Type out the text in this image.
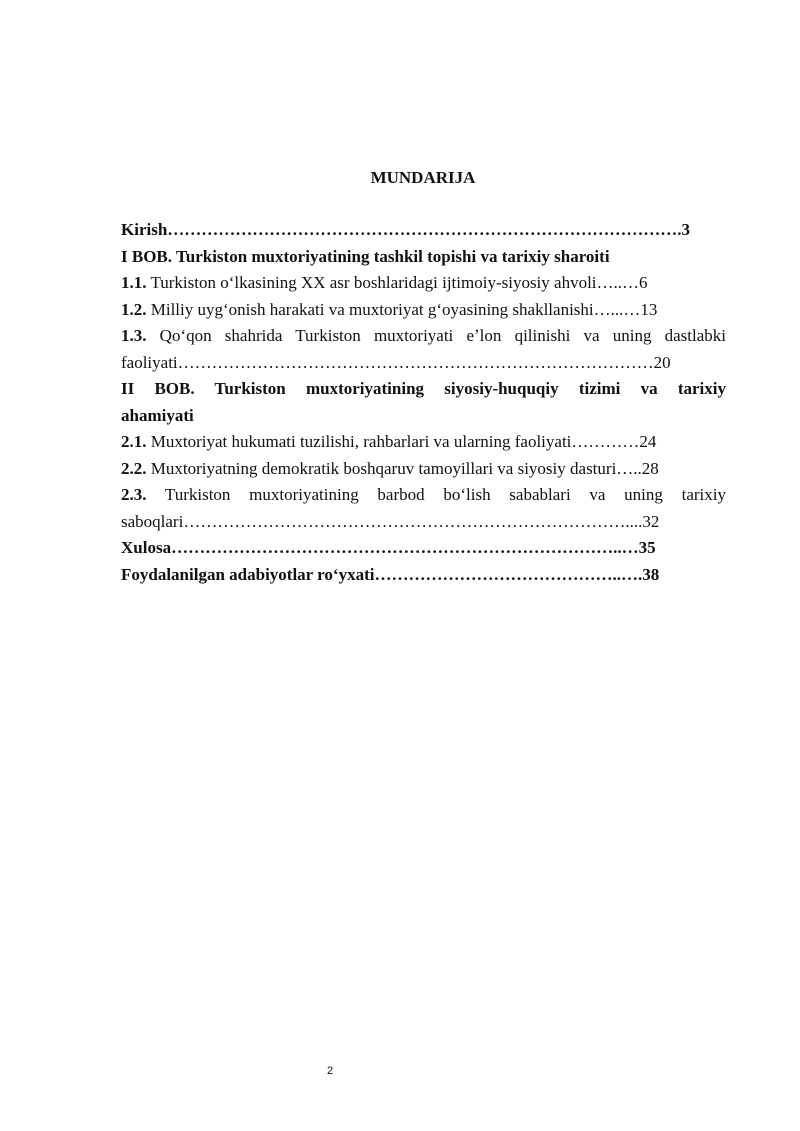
MUNDARIJA
Kirish……………………………………………………………………………….3
I BOB. Turkiston muxtoriyatining tashkil topishi va tarixiy sharoiti
1.1. Turkiston oʻlkasining XX asr boshlaridagi ijtimoiy-siyosiy ahvoli…..…6
1.2. Milliy uygʻonish harakati va muxtoriyat gʻoyasining shakllanishi…...…13
1.3. Qoʻqon shahrida Turkiston muxtoriyati eʼlon qilinishi va uning dastlabki
faoliyati…………………………………………………………………………20
II BOB. Turkiston muxtoriyatining siyosiy-huquqiy tizimi va tarixiy
ahamiyati
2.1. Muxtoriyat hukumati tuzilishi, rahbarlari va ularning faoliyati…………24
2.2. Muxtoriyatning demokratik boshqaruv tamoyillari va siyosiy dasturi…..28
2.3. Turkiston muxtoriyatining barbod boʻlish sabablari va uning tarixiy
saboqlari……………………………………………………………………....32
Xulosa……………………………………………………………………..…35
Foydalanilgan adabiyotlar roʻyxati……………………………………..….38
2
